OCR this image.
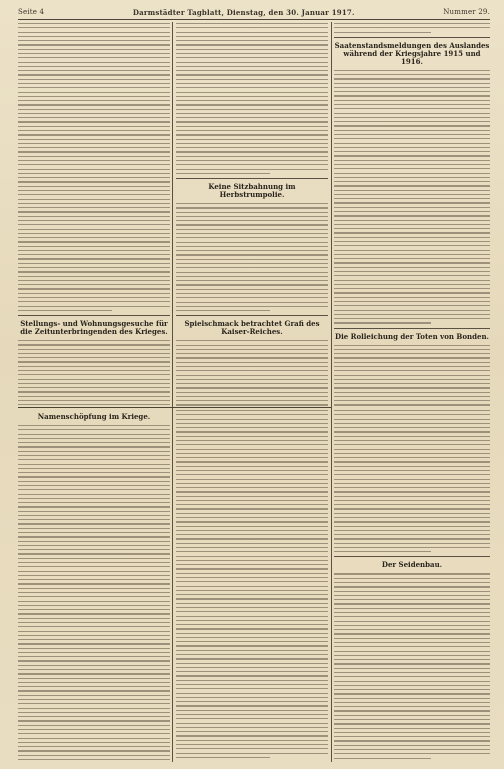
Seite 4	Darmstädter Tagblatt, Dienstag, den 30. Januar 1917.	Nummer 29.
Stellungs- und Wohnungsgesuche für die Zeitunterbringenden des Krieges.
Keine Sitzbahnung im Herbstrumpolie.
Spielschmack betrachtet Grafi des Kaiser-Reiches.
Saatenstandsmeldungen des Auslandes während der Kriegsjahre 1915 und 1916.
Die Rolleichung der Toten von Bonden.
Namenschöpfung im Kriege.
Der Seidenbau.
